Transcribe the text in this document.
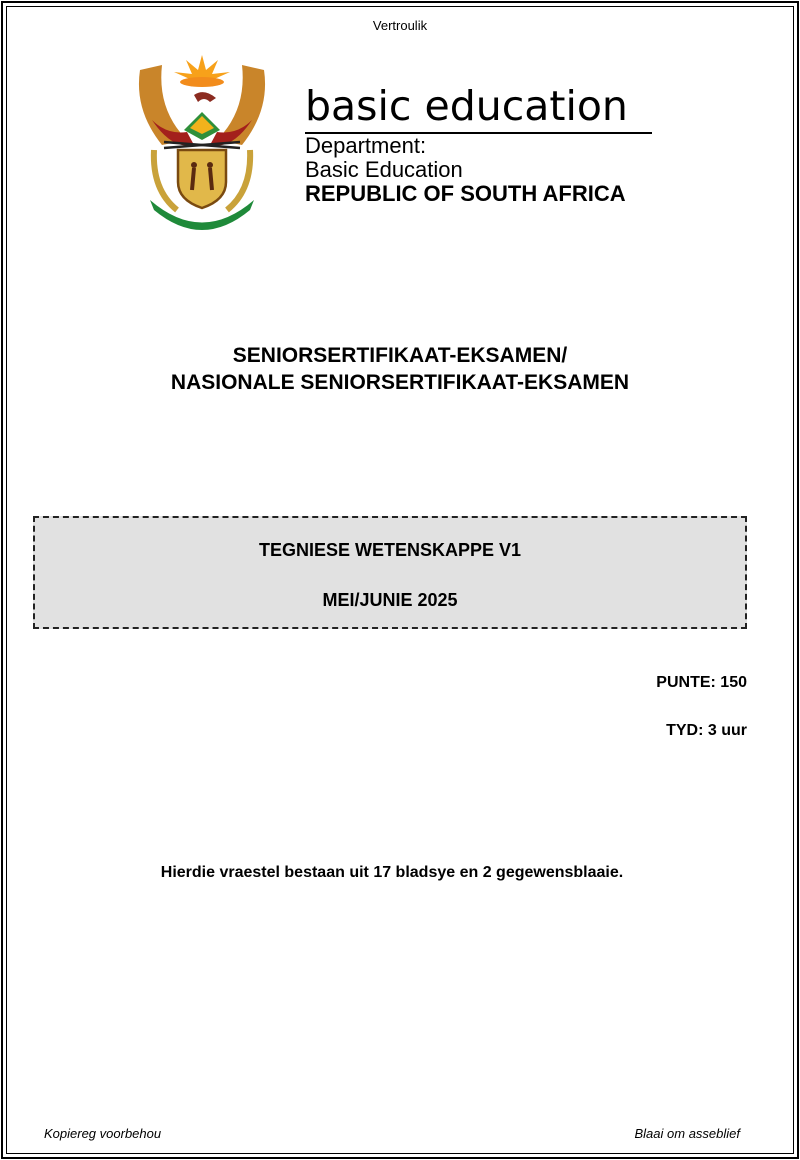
Vertroulik
basic education
Department:
Basic Education
REPUBLIC OF SOUTH AFRICA
SENIORSERTIFIKAAT-EKSAMEN/
NASIONALE SENIORSERTIFIKAAT-EKSAMEN
TEGNIESE WETENSKAPPE V1
MEI/JUNIE 2025
PUNTE: 150
TYD: 3 uur
Hierdie vraestel bestaan uit 17 bladsye en 2 gegewensblaaie.
Kopiereg voorbehou	Blaai om asseblief
